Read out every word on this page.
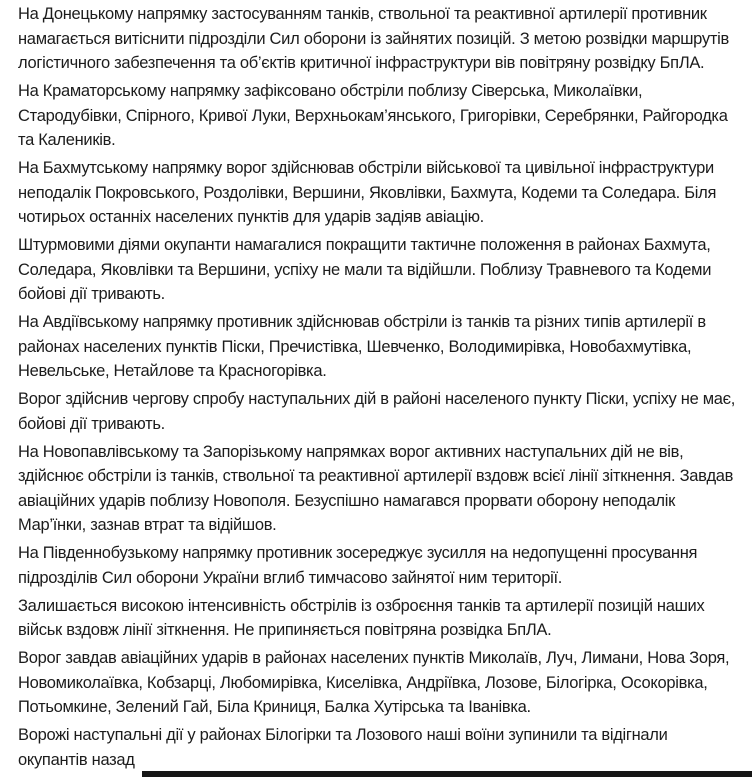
На Донецькому напрямку застосуванням танків, ствольної та реактивної артилерії противник намагається витіснити підрозділи Сил оборони із зайнятих позицій. З метою розвідки маршрутів логістичного забезпечення та об’єктів критичної інфраструктури вів повітряну розвідку БпЛА.

На Краматорському напрямку зафіксовано обстріли поблизу Сіверська, Миколаївки, Стародубівки, Спірного, Кривої Луки, Верхньокам’янського, Григорівки, Серебрянки, Райгородка та Калеників.

На Бахмутському напрямку ворог здійснював обстріли військової та цивільної інфраструктури неподалік Покровського, Роздолівки, Вершини, Яковлівки, Бахмута, Кодеми та Соледара. Біля чотирьох останніх населених пунктів для ударів задіяв авіацію.

Штурмовими діями окупанти намагалися покращити тактичне положення в районах Бахмута, Соледара, Яковлівки та Вершини, успіху не мали та відійшли. Поблизу Травневого та Кодеми бойові дії тривають.

На Авдіївському напрямку противник здійснював обстріли із танків та різних типів артилерії в районах населених пунктів Піски, Пречистівка, Шевченко, Володимирівка, Новобахмутівка, Невельське, Нетайлове та Красногорівка.

Ворог здійснив чергову спробу наступальних дій в районі населеного пункту Піски, успіху не має, бойові дії тривають.

На Новопавлівському та Запорізькому напрямках ворог активних наступальних дій не вів, здійснює обстріли із танків, ствольної та реактивної артилерії вздовж всієї лінії зіткнення. Завдав авіаційних ударів поблизу Новополя. Безуспішно намагався прорвати оборону неподалік Мар’їнки, зазнав втрат та відійшов.

На Південнобузькому напрямку противник зосереджує зусилля на недопущенні просування підрозділів Сил оборони України вглиб тимчасово зайнятої ним території.

Залишається високою інтенсивність обстрілів із озброєння танків та артилерії позицій наших військ вздовж лінії зіткнення. Не припиняється повітряна розвідка БпЛА.

Ворог завдав авіаційних ударів в районах населених пунктів Миколаїв, Луч, Лимани, Нова Зоря, Новомиколаївка, Кобзарці, Любомирівка, Киселівка, Андріївка, Лозове, Білогірка, Осокорівка, Потьомкине, Зелений Гай, Біла Криниця, Балка Хутірська та Іванівка.

Ворожі наступальні дії у районах Білогірки та Лозового наші воїни зупинили та відігнали окупантів назад
